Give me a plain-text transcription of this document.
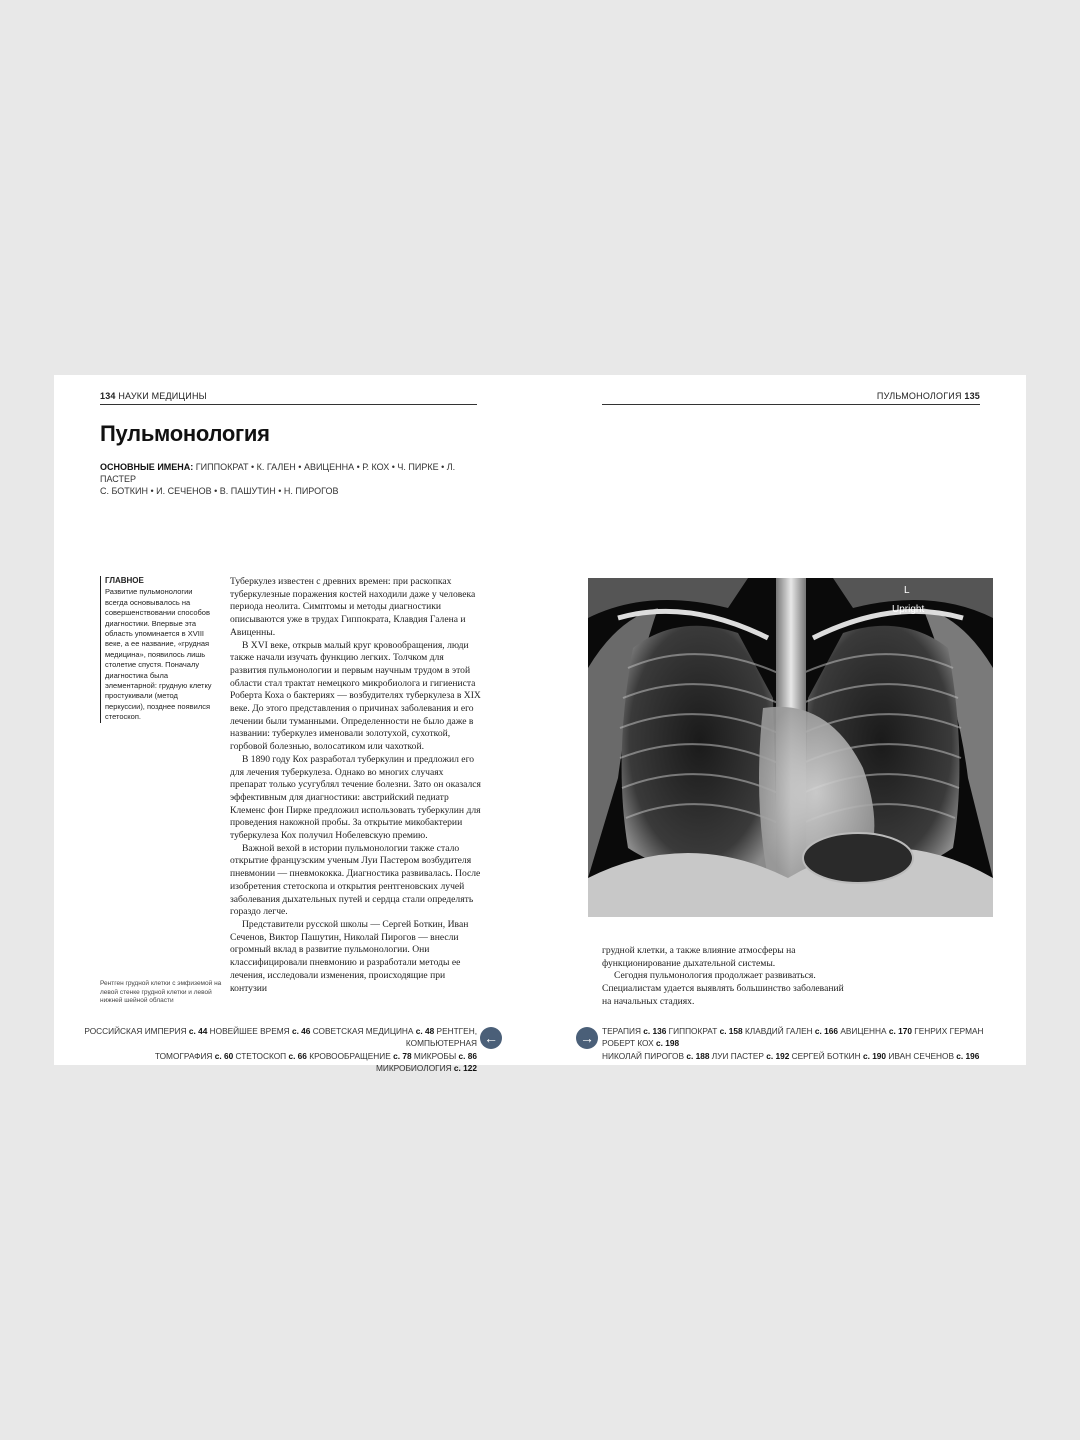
134 НАУКИ МЕДИЦИНЫ	ПУЛЬМОНОЛОГИЯ 135
Пульмонология
ОСНОВНЫЕ ИМЕНА: ГИППОКРАТ • К. ГАЛЕН • АВИЦЕННА • Р. КОХ • Ч. ПИРКЕ • Л. ПАСТЕР
С. БОТКИН • И. СЕЧЕНОВ • В. ПАШУТИН • Н. ПИРОГОВ
ГЛАВНОЕ
Развитие пульмонологии всегда основывалось на совершенствовании способов диагностики. Впервые эта область упоминается в XVIII веке, а ее название, «грудная медицина», появилось лишь столетие спустя. Поначалу диагностика была элементарной: грудную клетку простукивали (метод перкуссии), позднее появился стетоскоп.

Туберкулез известен с древних времен: при раскопках туберкулезные поражения костей находили даже у человека периода неолита. Симптомы и методы диагностики описываются уже в трудах Гиппократа, Клавдия Галена и Авиценны.

В XVI веке, открыв малый круг кровообращения, люди также начали изучать функцию легких. Толчком для развития пульмонологии и первым научным трудом в этой области стал трактат немецкого микробиолога и гигиениста Роберта Коха о бактериях — возбудителях туберкулеза в XIX веке. До этого представления о причинах заболевания и его лечении были туманными. Определенности не было даже в названии: туберкулез именовали золотухой, сухоткой, горбовой болезнью, волосатиком или чахоткой.

В 1890 году Кох разработал туберкулин и предложил его для лечения туберкулеза. Однако во многих случаях препарат только усугублял течение болезни. Зато он оказался эффективным для диагностики: австрийский педиатр Клеменс фон Пирке предложил использовать туберкулин для проведения накожной пробы. За открытие микобактерии туберкулеза Кох получил Нобелевскую премию.

Важной вехой в истории пульмонологии также стало открытие французским ученым Луи Пастером возбудителя пневмонии — пневмококка. Диагностика развивалась. После изобретения стетоскопа и открытия рентгеновских лучей заболевания дыхательных путей и сердца стали определять гораздо легче.

Представители русской школы — Сергей Боткин, Иван Сеченов, Виктор Пашутин, Николай Пирогов — внесли огромный вклад в развитие пульмонологии. Они классифицировали пневмонию и разработали методы ее лечения, исследовали изменения, происходящие при контузии

Рентген грудной клетки с эмфиземой на левой стенке грудной клетки и левой нижней шейной области
L
Upright

грудной клетки, а также влияние атмосферы на функционирование дыхательной системы.

Сегодня пульмонология продолжает развиваться. Специалистам удается выявлять большинство заболеваний на начальных стадиях.

РОССИЙСКАЯ ИМПЕРИЯ с. 44 НОВЕЙШЕЕ ВРЕМЯ с. 46 СОВЕТСКАЯ МЕДИЦИНА с. 48 РЕНТГЕН, КОМПЬЮТЕРНАЯ
ТОМОГРАФИЯ с. 60 СТЕТОСКОП с. 66 КРОВООБРАЩЕНИЕ с. 78 МИКРОБЫ с. 86 МИКРОБИОЛОГИЯ с. 122
←	→ ТЕРАПИЯ с. 136 ГИППОКРАТ с. 158 КЛАВДИЙ ГАЛЕН с. 166 АВИЦЕННА с. 170 ГЕНРИХ ГЕРМАН РОБЕРТ КОХ с. 198
НИКОЛАЙ ПИРОГОВ с. 188 ЛУИ ПАСТЕР с. 192 СЕРГЕЙ БОТКИН с. 190 ИВАН СЕЧЕНОВ с. 196
